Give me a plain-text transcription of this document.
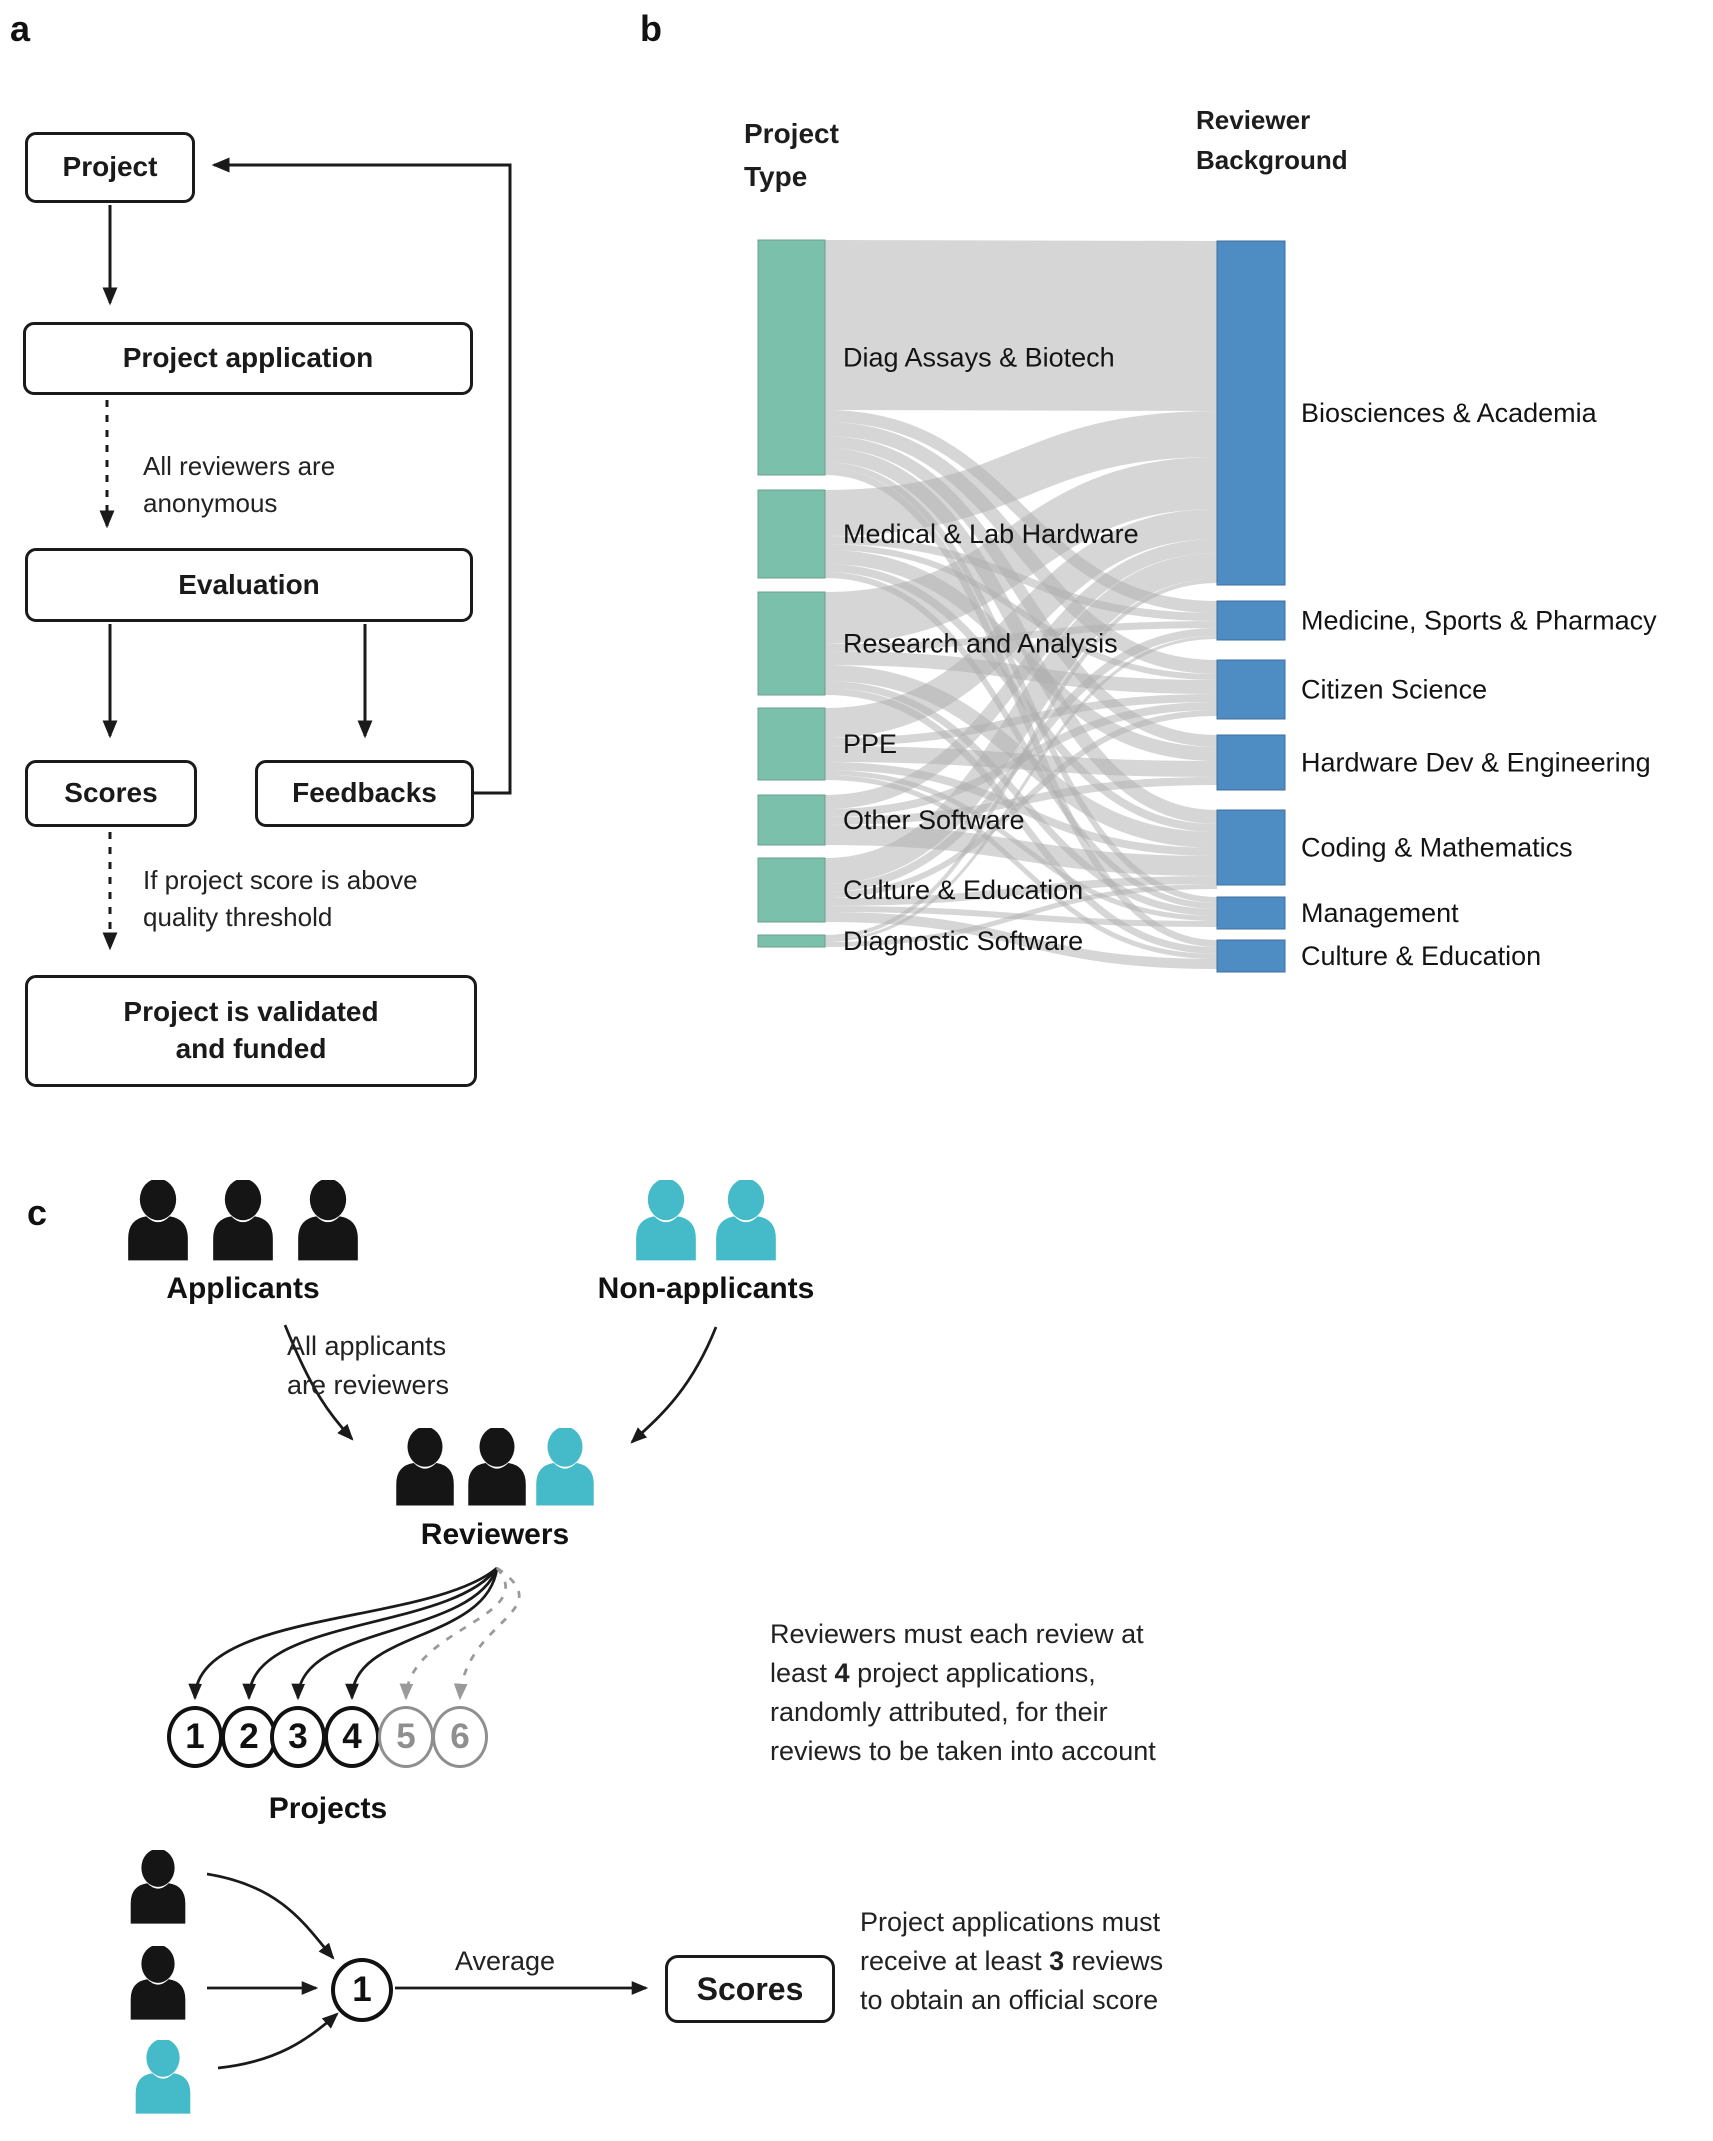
Diag Assays & Biotech
Medical & Lab Hardware
Research and Analysis
PPE
Other Software
Culture & Education
Diagnostic Software
Biosciences & Academia
Medicine, Sports & Pharmacy
Citizen Science
Hardware Dev & Engineering
Coding & Mathematics
Management
Culture & Education
a
Project
Project application
All reviewers are
anonymous
Evaluation
Scores	Feedbacks
If project score is above
quality threshold
Project is validated
and funded
b
Project
Type
Reviewer
Background
c
Applicants	Non-applicants
All applicants
are reviewers
Reviewers
1 2 3 4 5 6
Projects
Reviewers must each review at
least 4 project applications,
randomly attributed, for their
reviews to be taken into account
1
Average
Scores
Project applications must
receive at least 3 reviews
to obtain an official score
